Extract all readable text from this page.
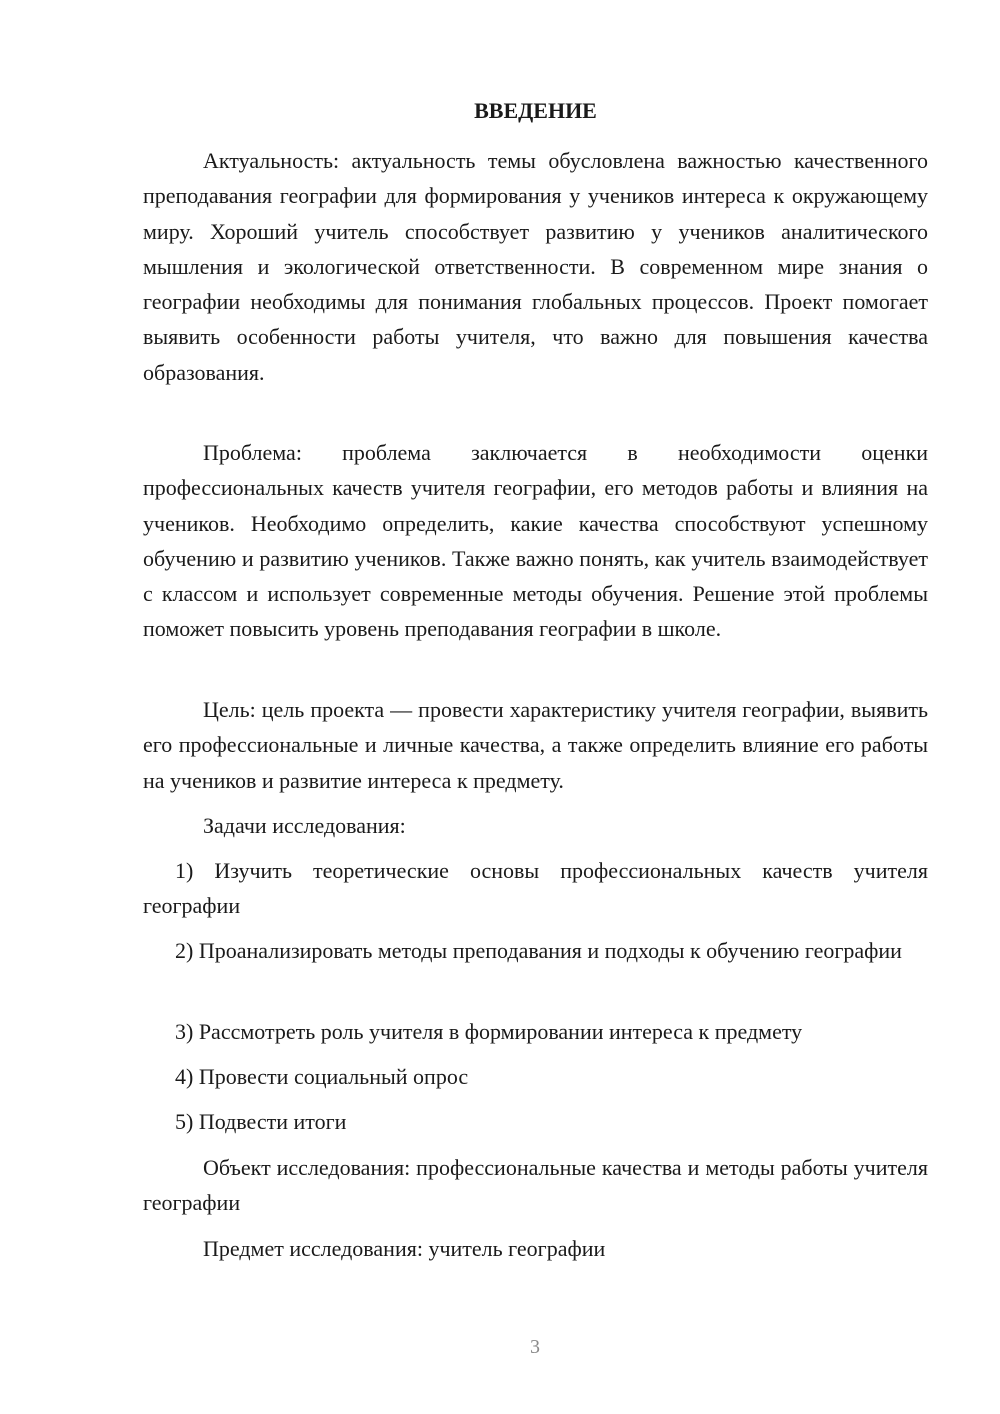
ВВЕДЕНИЕ

Актуальность: актуальность темы обусловлена важностью качественного преподавания географии для формирования у учеников интереса к окружающему миру. Хороший учитель способствует развитию у учеников аналитического мышления и экологической ответственности. В современном мире знания о географии необходимы для понимания глобальных процессов. Проект помогает выявить особенности работы учителя, что важно для повышения качества образования.

Проблема: проблема заключается в необходимости оценки профессиональных качеств учителя географии, его методов работы и влияния на учеников. Необходимо определить, какие качества способствуют успешному обучению и развитию учеников. Также важно понять, как учитель взаимодействует с классом и использует современные методы обучения. Решение этой проблемы поможет повысить уровень преподавания географии в школе.

Цель: цель проекта — провести характеристику учителя географии, выявить его профессиональные и личные качества, а также определить влияние его работы на учеников и развитие интереса к предмету.

Задачи исследования:

1) Изучить теоретические основы профессиональных качеств учителя географии

2) Проанализировать методы преподавания и подходы к обучению географии

3) Рассмотреть роль учителя в формировании интереса к предмету

4) Провести социальный опрос

5) Подвести итоги

Объект исследования: профессиональные качества и методы работы учителя географии

Предмет исследования: учитель географии

3
